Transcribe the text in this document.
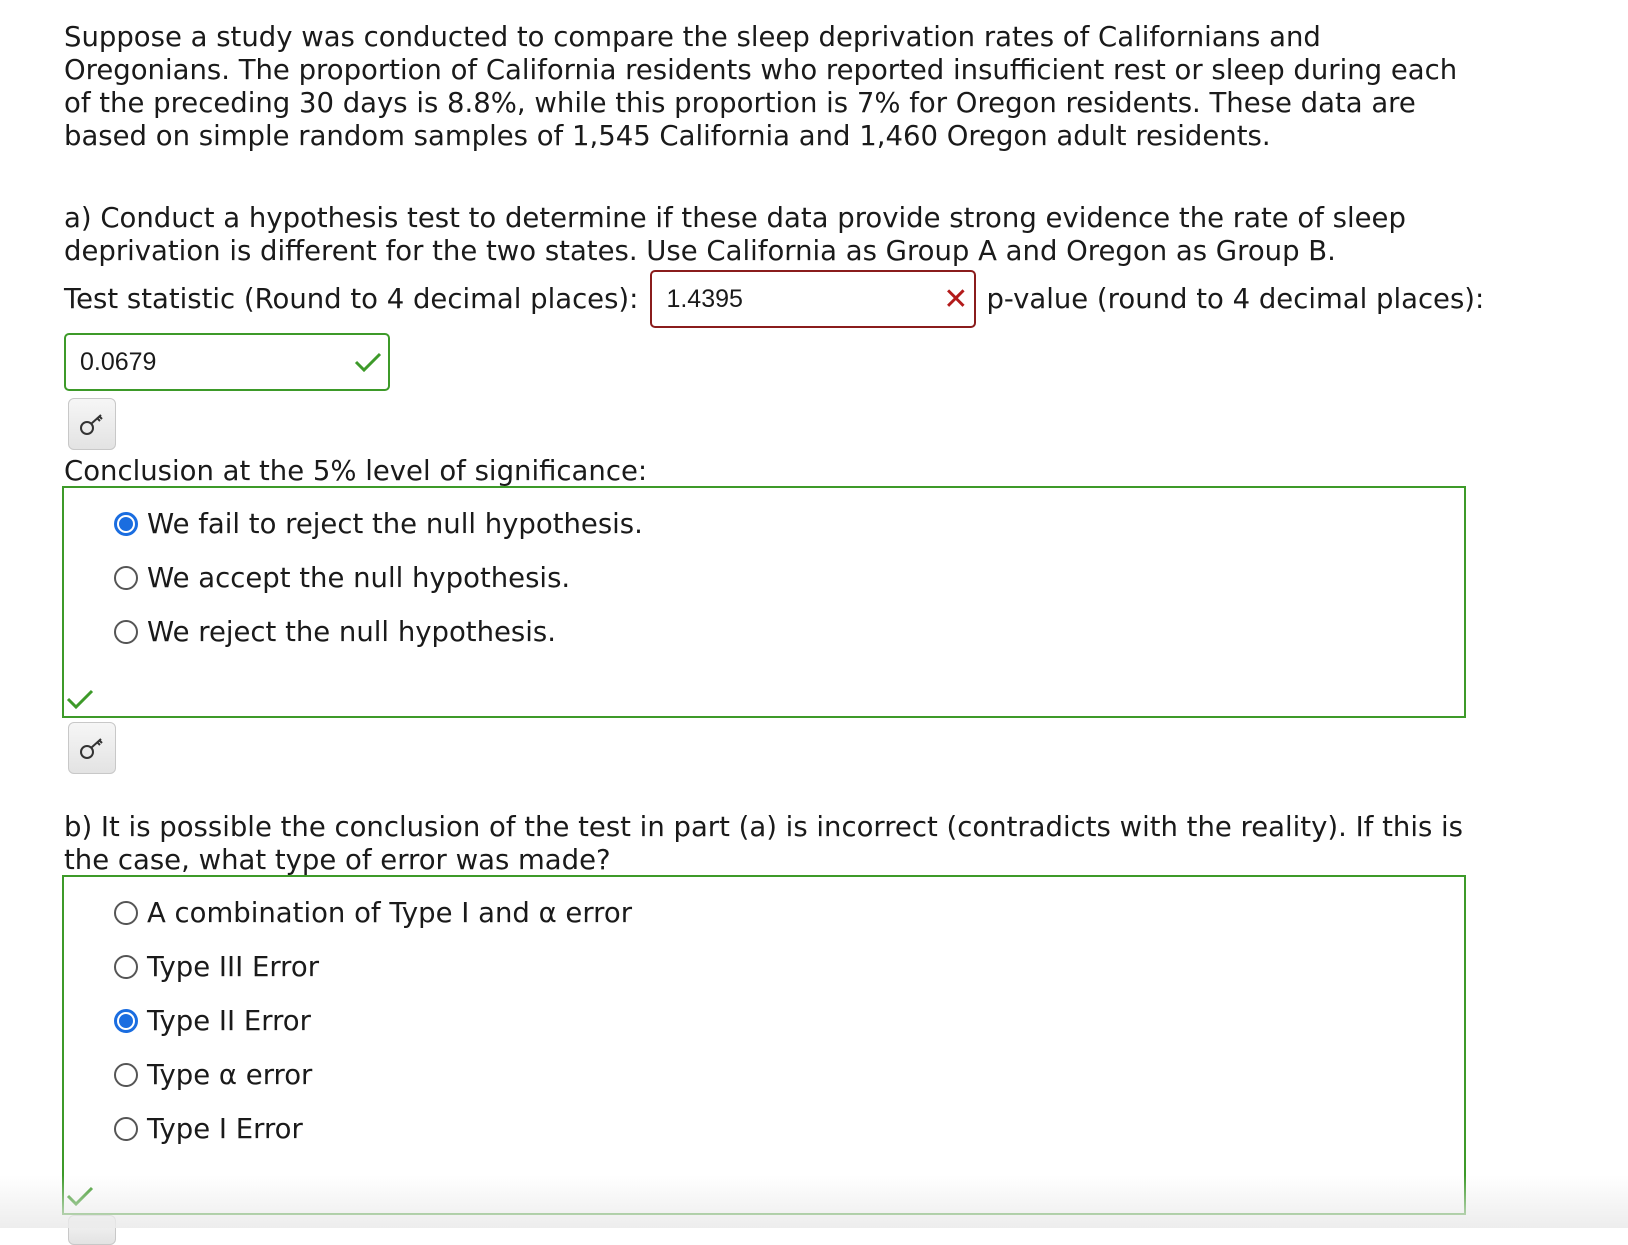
Suppose a study was conducted to compare the sleep deprivation rates of Californians and Oregonians. The proportion of California residents who reported insufficient rest or sleep during each of the preceding 30 days is 8.8%, while this proportion is 7% for Oregon residents. These data are based on simple random samples of 1,545 California and 1,460 Oregon adult residents.

a) Conduct a hypothesis test to determine if these data provide strong evidence the rate of sleep deprivation is different for the two states. Use California as Group A and Oregon as Group B.

Test statistic (Round to 4 decimal places): 1.4395	✕ p-value (round to 4 decimal places):
0.0679

Conclusion at the 5% level of significance:

We fail to reject the null hypothesis.
We accept the null hypothesis.
We reject the null hypothesis.

b) It is possible the conclusion of the test in part (a) is incorrect (contradicts with the reality). If this is the case, what type of error was made?

A combination of Type I and α error
Type III Error
Type II Error
Type α error
Type I Error
